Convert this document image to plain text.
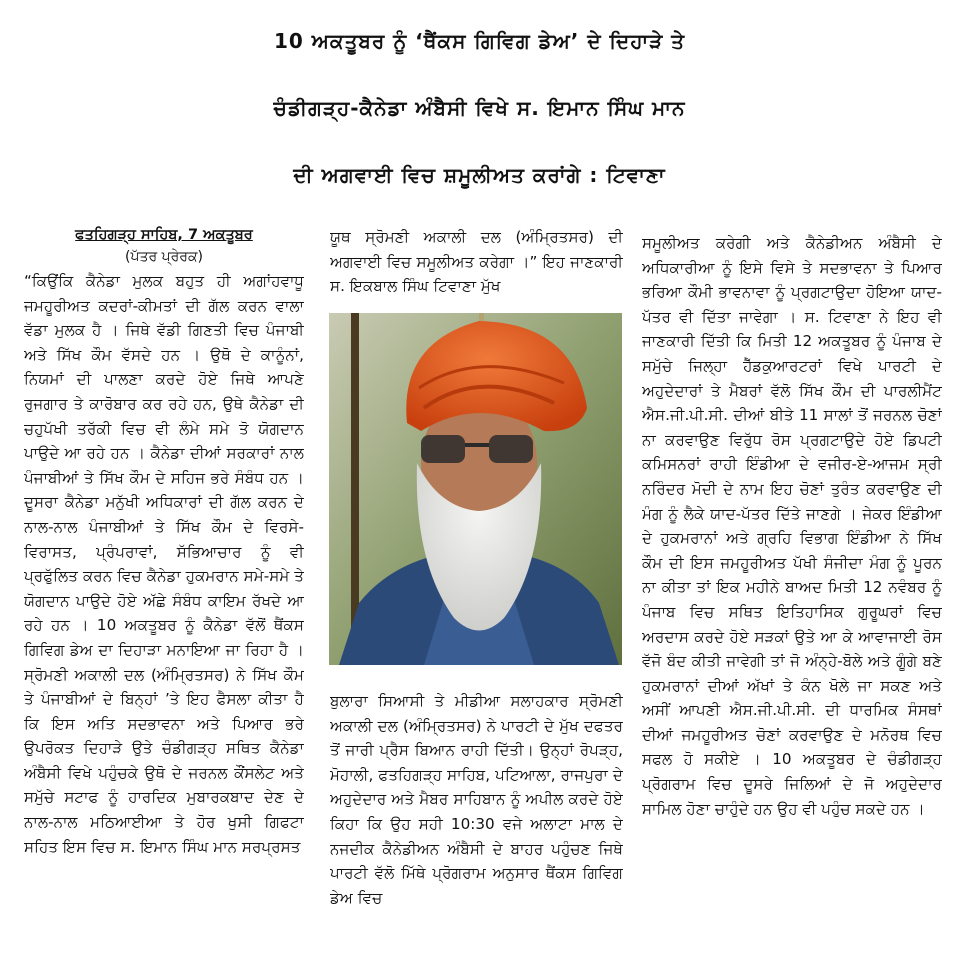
10 ਅਕਤੂਬਰ ਨੂੰ ‘ਥੈਂਕਸ ਗਿਵਿਗ ਡੇਅ’ ਦੇ ਦਿਹਾੜੇ ਤੇ
ਚੰਡੀਗੜ੍ਹ-ਕੈਨੇਡਾ ਅੰਬੈਸੀ ਵਿਖੇ ਸ. ਇਮਾਨ ਸਿੰਘ ਮਾਨ
ਦੀ ਅਗਵਾਈ ਵਿਚ ਸ਼ਮੂਲੀਅਤ ਕਰਾਂਗੇ : ਟਿਵਾਣਾ
ਫਤਹਿਗੜ੍ਹ ਸਾਹਿਬ, 7 ਅਕਤੂਬਰ
(ਪੱਤਰ ਪ੍ਰੇਰਕ)

“ਕਿਉਂਕਿ ਕੈਨੇਡਾ ਮੁਲਕ ਬਹੁਤ ਹੀ ਅਗਾਂਹਵਾਧੂ ਜਮਹੂਰੀਅਤ ਕਦਰਾਂ-ਕੀਮਤਾਂ ਦੀ ਗੱਲ ਕਰਨ ਵਾਲਾ ਵੱਡਾ ਮੁਲਕ ਹੈ । ਜਿਥੇ ਵੱਡੀ ਗਿਣਤੀ ਵਿਚ ਪੰਜਾਬੀ ਅਤੇ ਸਿੱਖ ਕੌਮ ਵੱਸਦੇ ਹਨ । ਉਥੋ ਦੇ ਕਾਨੂੰਨਾਂ, ਨਿਯਮਾਂ ਦੀ ਪਾਲਣਾ ਕਰਦੇ ਹੋਏ ਜਿਥੇ ਆਪਣੇ ਰੁਜਗਾਰ ਤੇ ਕਾਰੋਬਾਰ ਕਰ ਰਹੇ ਹਨ, ਉਥੇ ਕੈਨੇਡਾ ਦੀ ਚਹੁਪੱਖੀ ਤਰੱਕੀ ਵਿਚ ਵੀ ਲੰਮੇ ਸਮੇ ਤੋ ਯੋਗਦਾਨ ਪਾਉਦੇ ਆ ਰਹੇ ਹਨ । ਕੈਨੇਡਾ ਦੀਆਂ ਸਰਕਾਰਾਂ ਨਾਲ ਪੰਜਾਬੀਆਂ ਤੇ ਸਿੱਖ ਕੌਮ ਦੇ ਸਹਿਜ ਭਰੇ ਸੰਬੰਧ ਹਨ । ਦੂਸਰਾ ਕੈਨੇਡਾ ਮਨੁੱਖੀ ਅਧਿਕਾਰਾਂ ਦੀ ਗੱਲ ਕਰਨ ਦੇ ਨਾਲ-ਨਾਲ ਪੰਜਾਬੀਆਂ ਤੇ ਸਿੱਖ ਕੌਮ ਦੇ ਵਿਰਸੇ-ਵਿਰਾਸਤ, ਪ੍ਰੰਪਰਾਵਾਂ, ਸੱਭਿਆਚਾਰ ਨੂੰ ਵੀ ਪ੍ਰਫੁੱਲਿਤ ਕਰਨ ਵਿਚ ਕੈਨੇਡਾ ਹੁਕਮਰਾਨ ਸਮੇ-ਸਮੇ ਤੇ ਯੋਗਦਾਨ ਪਾਉਦੇ ਹੋਏ ਅੱਛੇ ਸੰਬੰਧ ਕਾਇਮ ਰੱਖਦੇ ਆ ਰਹੇ ਹਨ । 10 ਅਕਤੂਬਰ ਨੂੰ ਕੈਨੇਡਾ ਵੱਲੋਂ ਥੈਂਕਸ ਗਿਵਿਗ ਡੇਅ ਦਾ ਦਿਹਾੜਾ ਮਨਾਇਆ ਜਾ ਰਿਹਾ ਹੈ । ਸ੍ਰੋਮਣੀ ਅਕਾਲੀ ਦਲ (ਅੰਮ੍ਰਿਤਸਰ) ਨੇ ਸਿੱਖ ਕੌਮ ਤੇ ਪੰਜਾਬੀਆਂ ਦੇ ਬਿਨ੍ਹਾਂ ’ਤੇ ਇਹ ਫੈਸਲਾ ਕੀਤਾ ਹੈ ਕਿ ਇਸ ਅਤਿ ਸਦਭਾਵਨਾ ਅਤੇ ਪਿਆਰ ਭਰੇ ਉਪਰੋਕਤ ਦਿਹਾੜੇ ਉਤੇ ਚੰਡੀਗੜ੍ਹ ਸਥਿਤ ਕੈਨੇਡਾ ਅੰਬੈਸੀ ਵਿਖੇ ਪਹੁੰਚਕੇ ਉਥੋ ਦੇ ਜਰਨਲ ਕੌਂਸਲੇਟ ਅਤੇ ਸਮੁੱਚੇ ਸਟਾਫ ਨੂੰ ਹਾਰਦਿਕ ਮੁਬਾਰਕਬਾਦ ਦੇਣ ਦੇ ਨਾਲ-ਨਾਲ ਮਠਿਆਈਆ ਤੇ ਹੋਰ ਖੁਸੀ ਗਿਫਟਾ ਸਹਿਤ ਇਸ ਵਿਚ ਸ. ਇਮਾਨ ਸਿੰਘ ਮਾਨ ਸਰਪ੍ਰਸਤ

ਯੂਥ ਸ੍ਰੋਮਣੀ ਅਕਾਲੀ ਦਲ (ਅੰਮ੍ਰਿਤਸਰ) ਦੀ ਅਗਵਾਈ ਵਿਚ ਸਮੂਲੀਅਤ ਕਰੇਗਾ ।” ਇਹ ਜਾਣਕਾਰੀ ਸ. ਇਕਬਾਲ ਸਿੰਘ ਟਿਵਾਣਾ ਮੁੱਖ

ਬੁਲਾਰਾ ਸਿਆਸੀ ਤੇ ਮੀਡੀਆ ਸਲਾਹਕਾਰ ਸ੍ਰੋਮਣੀ ਅਕਾਲੀ ਦਲ (ਅੰਮ੍ਰਿਤਸਰ) ਨੇ ਪਾਰਟੀ ਦੇ ਮੁੱਖ ਦਫਤਰ ਤੋਂ ਜਾਰੀ ਪ੍ਰੈਸ ਬਿਆਨ ਰਾਹੀ ਦਿੱਤੀ। ਉਨ੍ਹਾਂ ਰੋਪੜ੍ਹ, ਮੋਹਾਲੀ, ਫਤਹਿਗੜ੍ਹ ਸਾਹਿਬ, ਪਟਿਆਲਾ, ਰਾਜਪੁਰਾ ਦੇ ਅਹੁਦੇਦਾਰ ਅਤੇ ਮੈਬਰ ਸਾਹਿਬਾਨ ਨੂੰ ਅਪੀਲ ਕਰਦੇ ਹੋਏ ਕਿਹਾ ਕਿ ਉਹ ਸਹੀ 10:30 ਵਜੇ ਅਲਾਟਾ ਮਾਲ ਦੇ ਨਜਦੀਕ ਕੈਨੇਡੀਅਨ ਅੰਬੈਸੀ ਦੇ ਬਾਹਰ ਪਹੁੰਚਣ ਜਿਥੇ ਪਾਰਟੀ ਵੱਲੋ ਮਿੱਥੇ ਪ੍ਰੋਗਰਾਮ ਅਨੁਸਾਰ ਥੈਂਕਸ ਗਿਵਿਗ ਡੇਅ ਵਿਚ

ਸਮੂਲੀਅਤ ਕਰੇਗੀ ਅਤੇ ਕੈਨੇਡੀਅਨ ਅੰਬੈਸੀ ਦੇ ਅਧਿਕਾਰੀਆ ਨੂੰ ਇਸੇ ਵਿਸੇ ਤੇ ਸਦਭਾਵਨਾ ਤੇ ਪਿਆਰ ਭਰਿਆ ਕੌਮੀ ਭਾਵਨਾਵਾ ਨੂੰ ਪ੍ਰਗਟਾਉਦਾ ਹੋਇਆ ਯਾਦ-ਪੱਤਰ ਵੀ ਦਿੱਤਾ ਜਾਵੇਗਾ । ਸ. ਟਿਵਾਣਾ ਨੇ ਇਹ ਵੀ ਜਾਣਕਾਰੀ ਦਿੱਤੀ ਕਿ ਮਿਤੀ 12 ਅਕਤੂਬਰ ਨੂੰ ਪੰਜਾਬ ਦੇ ਸਮੁੱਚੇ ਜਿਲ੍ਹਾ ਹੈੱਡਕੁਆਰਟਰਾਂ ਵਿਖੇ ਪਾਰਟੀ ਦੇ ਅਹੁਦੇਦਾਰਾਂ ਤੇ ਮੈਬਰਾਂ ਵੱਲੋ ਸਿੱਖ ਕੌਮ ਦੀ ਪਾਰਲੀਮੈਂਟ ਐਸ.ਜੀ.ਪੀ.ਸੀ. ਦੀਆਂ ਬੀਤੇ 11 ਸਾਲਾਂ ਤੋਂ ਜਰਨਲ ਚੋਣਾਂ ਨਾ ਕਰਵਾਉਣ ਵਿਰੁੱਧ ਰੋਸ ਪ੍ਰਗਟਾਉਦੇ ਹੋਏ ਡਿਪਟੀ ਕਮਿਸਨਰਾਂ ਰਾਹੀ ਇੰਡੀਆ ਦੇ ਵਜੀਰ-ਏ-ਆਜਮ ਸ੍ਰੀ ਨਰਿੰਦਰ ਮੋਦੀ ਦੇ ਨਾਮ ਇਹ ਚੋਣਾਂ ਤੁਰੰਤ ਕਰਵਾਉਣ ਦੀ ਮੰਗ ਨੂੰ ਲੈਕੇ ਯਾਦ-ਪੱਤਰ ਦਿੱਤੇ ਜਾਣਗੇ । ਜੇਕਰ ਇੰਡੀਆ ਦੇ ਹੁਕਮਰਾਨਾਂ ਅਤੇ ਗ੍ਰਹਿ ਵਿਭਾਗ ਇੰਡੀਆ ਨੇ ਸਿੱਖ ਕੌਮ ਦੀ ਇਸ ਜਮਹੂਰੀਅਤ ਪੱਖੀ ਸੰਜੀਦਾ ਮੰਗ ਨੂੰ ਪੂਰਨ ਨਾ ਕੀਤਾ ਤਾਂ ਇਕ ਮਹੀਨੇ ਬਾਅਦ ਮਿਤੀ 12 ਨਵੰਬਰ ਨੂੰ ਪੰਜਾਬ ਵਿਚ ਸਥਿਤ ਇਤਿਹਾਸਿਕ ਗੁਰੂਘਰਾਂ ਵਿਚ ਅਰਦਾਸ ਕਰਦੇ ਹੋਏ ਸੜਕਾਂ ਉਤੇ ਆ ਕੇ ਆਵਾਜਾਈ ਰੋਸ ਵੱਜੋ ਬੰਦ ਕੀਤੀ ਜਾਵੇਗੀ ਤਾਂ ਜੋ ਅੰਨ੍ਹੇ-ਬੋਲੇ ਅਤੇ ਗੂੰਗੇ ਬਣੇ ਹੁਕਮਰਾਨਾਂ ਦੀਆਂ ਅੱਖਾਂ ਤੇ ਕੰਨ ਖੋਲੇ ਜਾ ਸਕਣ ਅਤੇ ਅਸੀਂ ਆਪਣੀ ਐਸ.ਜੀ.ਪੀ.ਸੀ. ਦੀ ਧਾਰਮਿਕ ਸੰਸਥਾਂ ਦੀਆਂ ਜਮਹੂਰੀਅਤ ਚੋਣਾਂ ਕਰਵਾਉਣ ਦੇ ਮਨੋਰਥ ਵਿਚ ਸਫਲ ਹੋ ਸਕੀਏ । 10 ਅਕਤੂਬਰ ਦੇ ਚੰਡੀਗੜ੍ਹ ਪ੍ਰੋਗਰਾਮ ਵਿਚ ਦੂਸਰੇ ਜਿਲਿਆਂ ਦੇ ਜੋ ਅਹੁਦੇਦਾਰ ਸਾਮਿਲ ਹੋਣਾ ਚਾਹੁੰਦੇ ਹਨ ਉਹ ਵੀ ਪਹੁੰਚ ਸਕਦੇ ਹਨ ।
